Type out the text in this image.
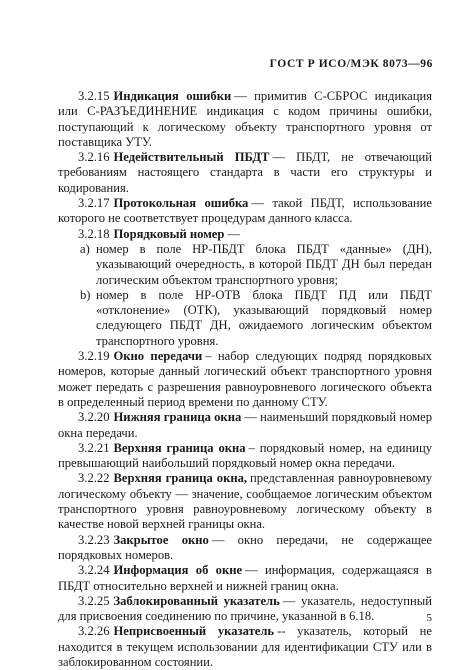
ГОСТ Р ИСО/МЭК 8073—96

3.2.15 Индикация ошибки — примитив С-СБРОС индикация или С-РАЗЪЕДИНЕНИЕ индикация с кодом причины ошибки, поступающий к логическому объекту транспортного уровня от поставщика УТУ.

3.2.16 Недействительный ПБДТ — ПБДТ, не отвечающий требованиям настоящего стандарта в части его структуры и кодирования.

3.2.17 Протокольная ошибка — такой ПБДТ, использование которого не соответствует процедурам данного класса.

3.2.18 Порядковый номер —

а) номер в поле НР-ПБДТ блока ПБДТ «данные» (ДН), указывающий очередность, в которой ПБДТ ДН был передан логическим объектом транспортного уровня;

b) номер в поле НР-ОТВ блока ПБДТ ПД или ПБДТ «отклонение» (ОТК), указывающий порядковый номер следующего ПБДТ ДН, ожидаемого логическим объектом транспортного уровня.

3.2.19 Окно передачи – набор следующих подряд порядковых номеров, которые данный логический объект транспортного уровня может передать с разрешения равноуровневого логического объекта в определенный период времени по данному СТУ.

3.2.20 Нижняя граница окна — наименьший порядковый номер окна передачи.

3.2.21 Верхняя граница окна – порядковый номер, на единицу превышающий наибольший порядковый номер окна передачи.

3.2.22 Верхняя граница окна, представленная равноуровневому логическому объекту — значение, сообщаемое логическим объектом транспортного уровня равноуровневому логическому объекту в качестве новой верхней границы окна.

3.2.23 Закрытое окно — окно передачи, не содержащее порядковых номеров.

3.2.24 Информация об окне — информация, содержащаяся в ПБДТ относительно верхней и нижней границ окна.

3.2.25 Заблокированный указатель — указатель, недоступный для присвоения соединению по причине, указанной в 6.18.

3.2.26 Неприсвоенный указатель -- указатель, который не находится в текущем использовании для идентификации СТУ или в заблокированном состоянии.

5
